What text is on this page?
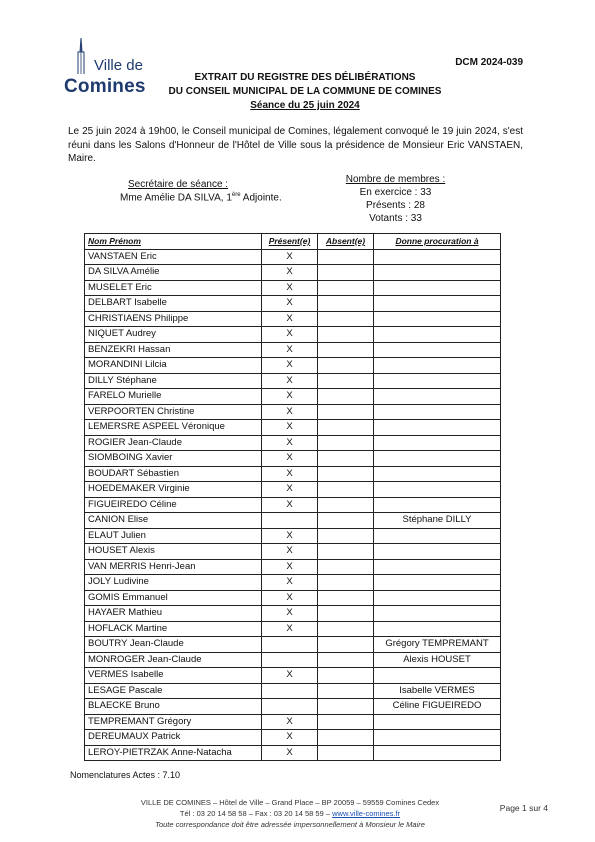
Ville de
Comines
DCM 2024-039
EXTRAIT DU REGISTRE DES DÉLIBÉRATIONS
DU CONSEIL MUNICIPAL DE LA COMMUNE DE COMINES
Séance du 25 juin 2024
Le 25 juin 2024 à 19h00, le Conseil municipal de Comines, légalement convoqué le 19 juin 2024, s'est réuni dans les Salons d'Honneur de l'Hôtel de Ville sous la présidence de Monsieur Eric VANSTAEN, Maire.
Secrétaire de séance :
Mme Amélie DA SILVA, 1ère Adjointe.
Nombre de membres :
En exercice : 33
Présents : 28
Votants : 33
Nom Prénom	Présent(e)	Absent(e)	Donne procuration à
VANSTAEN Eric	X		
DA SILVA Amélie	X		
MUSELET Eric	X		
DELBART Isabelle	X		
CHRISTIAENS Philippe	X		
NIQUET Audrey	X		
BENZEKRI Hassan	X		
MORANDINI Lilcia	X		
DILLY Stéphane	X		
FARELO Murielle	X		
VERPOORTEN Christine	X		
LEMERSRE ASPEEL Véronique	X		
ROGIER Jean-Claude	X		
SIOMBOING Xavier	X		
BOUDART Sébastien	X		
HOEDEMAKER Virginie	X		
FIGUEIREDO Céline	X		
CANION Elise			Stéphane DILLY
ELAUT Julien	X		
HOUSET Alexis	X		
VAN MERRIS Henri-Jean	X		
JOLY Ludivine	X		
GOMIS Emmanuel	X		
HAYAER Mathieu	X		
HOFLACK Martine	X		
BOUTRY Jean-Claude			Grégory TEMPREMANT
MONROGER Jean-Claude			Alexis HOUSET
VERMES Isabelle	X		
LESAGE Pascale			Isabelle VERMES
BLAECKE Bruno			Céline FIGUEIREDO
TEMPREMANT Grégory	X		
DEREUMAUX Patrick	X		
LEROY-PIETRZAK Anne-Natacha	X		
Nomenclatures Actes : 7.10
VILLE DE COMINES – Hôtel de Ville – Grand Place – BP 20059 – 59559 Comines Cedex
Tél : 03 20 14 58 58 – Fax : 03 20 14 58 59 – www.ville-comines.fr
Toute correspondance doit être adressée impersonnellement à Monsieur le Maire
Page 1 sur 4
